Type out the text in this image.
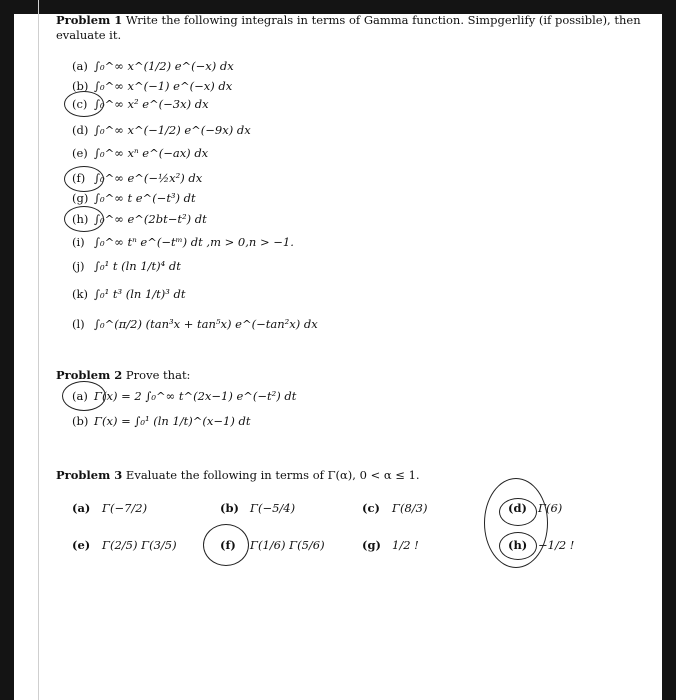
Problem 1 Write the following integrals in terms of Gamma function. Simpgerlify (if possible), then
evaluate it.
(a) ∫₀^∞ x^(1/2) e^(−x) dx
(b) ∫₀^∞ x^(−1) e^(−x) dx
(c) ∫₀^∞ x² e^(−3x) dx
(d) ∫₀^∞ x^(−1/2) e^(−9x) dx
(e) ∫₀^∞ xⁿ e^(−ax) dx
(f) ∫₀^∞ e^(−½x²) dx
(g) ∫₀^∞ t e^(−t³) dt
(h) ∫₀^∞ e^(2bt−t²) dt
(i) ∫₀^∞ tⁿ e^(−tᵐ) dt ,m > 0,n > −1.
(j) ∫₀¹ t (ln 1/t)⁴ dt
(k) ∫₀¹ t³ (ln 1/t)³ dt
(l) ∫₀^(π/2) (tan³x + tan⁵x) e^(−tan²x) dx
Problem 2 Prove that:
(a) Γ(x) = 2 ∫₀^∞ t^(2x−1) e^(−t²) dt
(b) Γ(x) = ∫₀¹ (ln 1/t)^(x−1) dt
Problem 3 Evaluate the following in terms of Γ(α), 0 < α ≤ 1.
(a) Γ(−7/2)	(b) Γ(−5/4)	(c) Γ(8/3)	(d) Γ(6)
(e) Γ(2/5) Γ(3/5)	(f) Γ(1/6) Γ(5/6)	(g) 1/2 !	(h) −1/2 !
